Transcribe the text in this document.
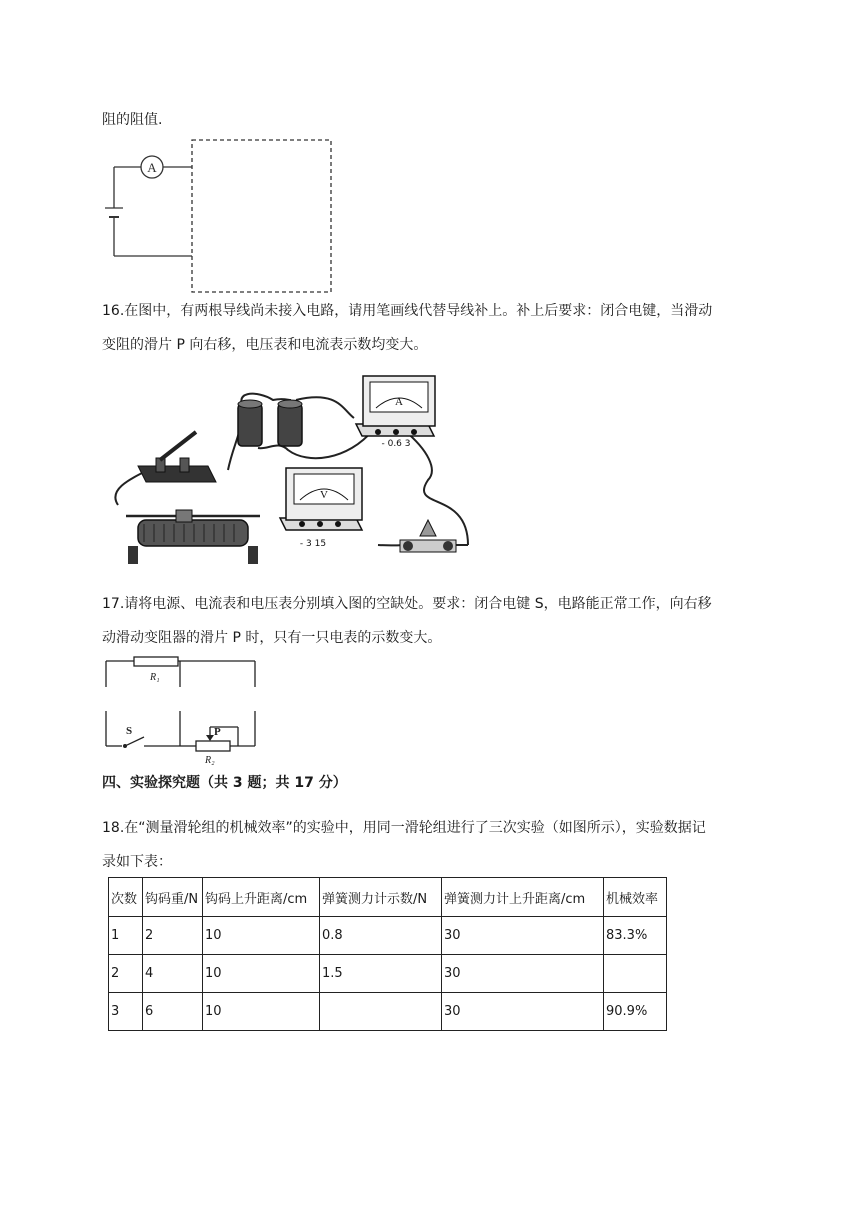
阻的阻值.
A
16.在图中，有两根导线尚未接入电路，请用笔画线代替导线补上。补上后要求：闭合电键，当滑动
变阻的滑片 P 向右移，电压表和电流表示数均变大。
A
- 0.6 3
V
- 3 15
17.请将电源、电流表和电压表分别填入图的空缺处。要求：闭合电键 S，电路能正常工作，向右移
动滑动变阻器的滑片 P 时，只有一只电表的示数变大。
R₁
S
R₂
P
四、实验探究题（共 3 题；共 17 分）
18.在“测量滑轮组的机械效率”的实验中，用同一滑轮组进行了三次实验（如图所示），实验数据记
录如下表：
次数	钩码重/N	钩码上升距离/cm	弹簧测力计示数/N	弹簧测力计上升距离/cm	机械效率
1	2	10	0.8	30	83.3%
2	4	10	1.5	30	
3	6	10		30	90.9%
